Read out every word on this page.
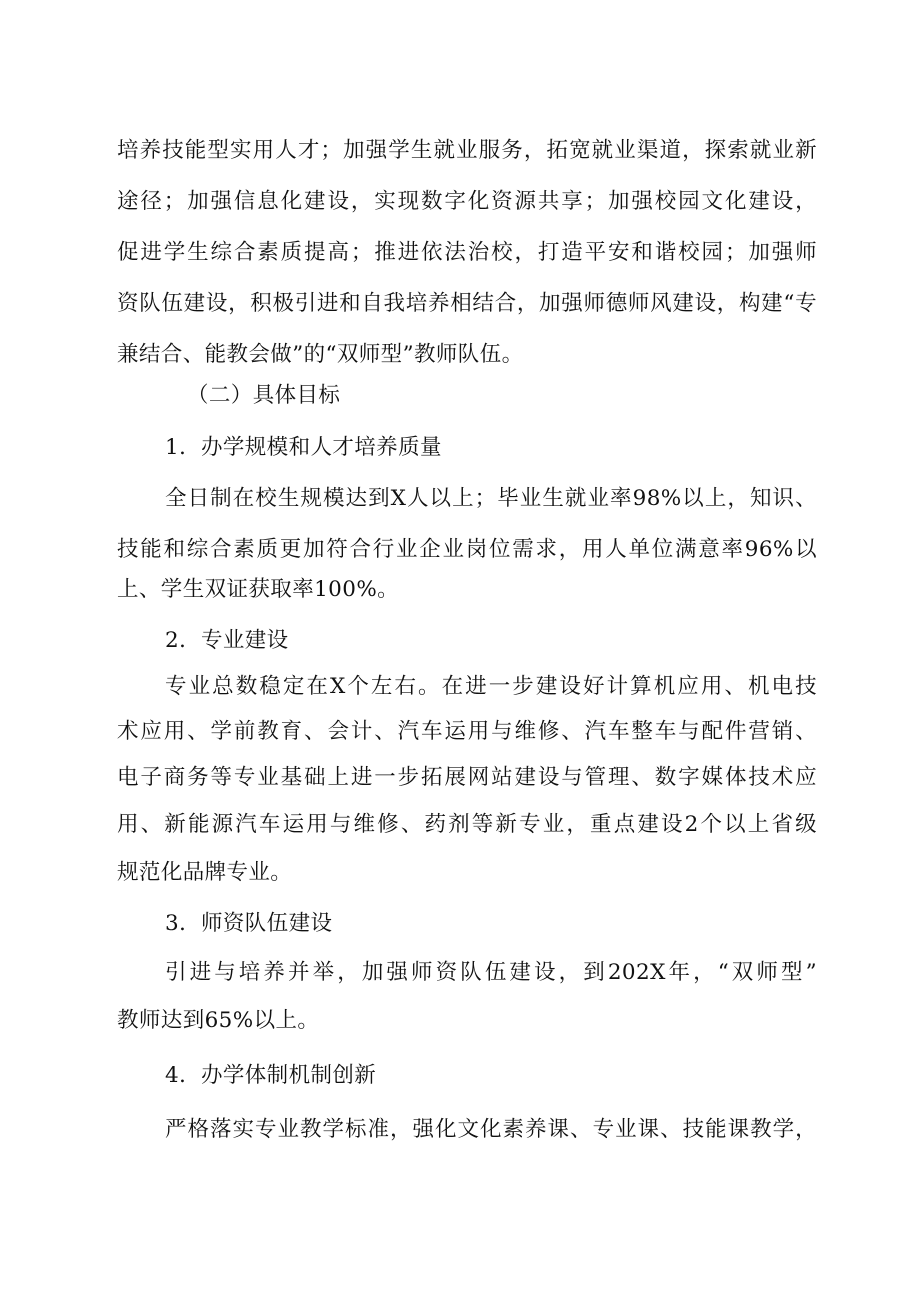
培养技能型实用人才；加强学生就业服务，拓宽就业渠道，探索就业新
途径；加强信息化建设，实现数字化资源共享；加强校园文化建设，
促进学生综合素质提高；推进依法治校，打造平安和谐校园；加强师
资队伍建设，积极引进和自我培养相结合，加强师德师风建设，构建“专
兼结合、能教会做”的“双师型”教师队伍。
（二）具体目标
1．办学规模和人才培养质量
全日制在校生规模达到X人以上；毕业生就业率98%以上，知识、
技能和综合素质更加符合行业企业岗位需求，用人单位满意率96%以
上、学生双证获取率100%。
2．专业建设
专业总数稳定在X个左右。在进一步建设好计算机应用、机电技
术应用、学前教育、会计、汽车运用与维修、汽车整车与配件营销、
电子商务等专业基础上进一步拓展网站建设与管理、数字媒体技术应
用、新能源汽车运用与维修、药剂等新专业，重点建设2个以上省级
规范化品牌专业。
3．师资队伍建设
引进与培养并举，加强师资队伍建设，到202X年，“双师型”
教师达到65%以上。
4．办学体制机制创新
严格落实专业教学标准，强化文化素养课、专业课、技能课教学，
